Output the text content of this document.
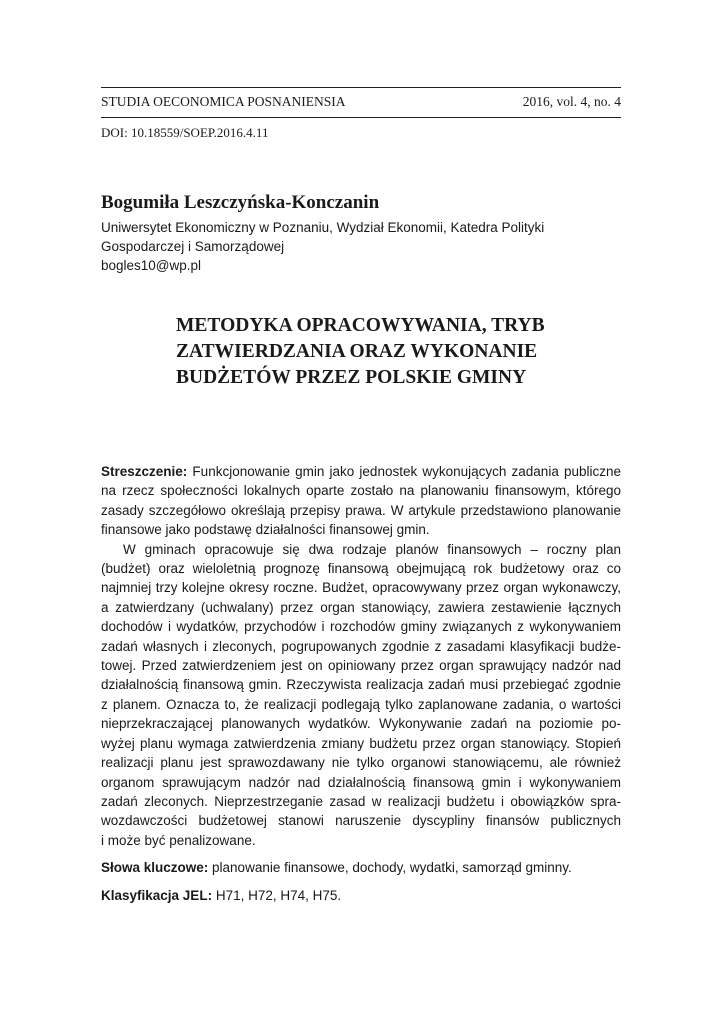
STUDIA OECONOMICA POSNANIENSIA	2016, vol. 4, no. 4
DOI: 10.18559/SOEP.2016.4.11

Bogumiła Leszczyńska-Konczanin

Uniwersytet Ekonomiczny w Poznaniu, Wydział Ekonomii, Katedra Polityki
Gospodarczej i Samorządowej
bogles10@wp.pl
METODYKA OPRACOWYWANIA, TRYB
ZATWIERDZANIA ORAZ WYKONANIE
BUDŻETÓW PRZEZ POLSKIE GMINY
Streszczenie: Funkcjonowanie gmin jako jednostek wykonujących zadania publiczne
na rzecz społeczności lokalnych oparte zostało na planowaniu finansowym, którego
zasady szczegółowo określają przepisy prawa. W artykule przedstawiono planowanie
finansowe jako podstawę działalności finansowej gmin.
W gminach opracowuje się dwa rodzaje planów finansowych – roczny plan
(budżet) oraz wieloletnią prognozę finansową obejmującą rok budżetowy oraz co
najmniej trzy kolejne okresy roczne. Budżet, opracowywany przez organ wykonawczy,
a zatwierdzany (uchwalany) przez organ stanowiący, zawiera zestawienie łącznych
dochodów i wydatków, przychodów i rozchodów gminy związanych z wykonywaniem
zadań własnych i zleconych, pogrupowanych zgodnie z zasadami klasyfikacji budże-
towej. Przed zatwierdzeniem jest on opiniowany przez organ sprawujący nadzór nad
działalnością finansową gmin. Rzeczywista realizacja zadań musi przebiegać zgodnie
z planem. Oznacza to, że realizacji podlegają tylko zaplanowane zadania, o wartości
nieprzekraczającej planowanych wydatków. Wykonywanie zadań na poziomie po-
wyżej planu wymaga zatwierdzenia zmiany budżetu przez organ stanowiący. Stopień
realizacji planu jest sprawozdawany nie tylko organowi stanowiącemu, ale również
organom sprawującym nadzór nad działalnością finansową gmin i wykonywaniem
zadań zleconych. Nieprzestrzeganie zasad w realizacji budżetu i obowiązków spra-
wozdawczości budżetowej stanowi naruszenie dyscypliny finansów publicznych
i może być penalizowane.
Słowa kluczowe: planowanie finansowe, dochody, wydatki, samorząd gminny.
Klasyfikacja JEL: H71, H72, H74, H75.
